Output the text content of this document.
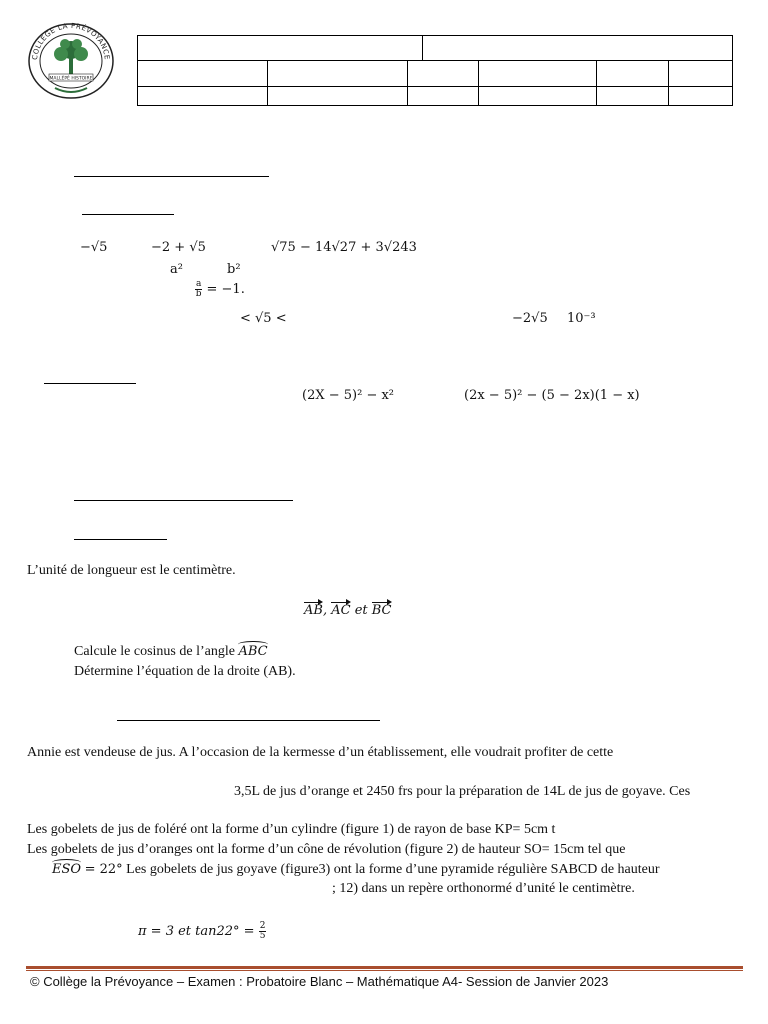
COLLÈGE LA PRÉVOYANCE
MALLÉPÉ HISTOIRE
−√5	−2 + √5	√75 − 14√27 + 3√243
a²	b²
$\frac{a}{b} = -1$.
< √5 <	−2√5 10⁻³
(2X − 5)² − x²	(2x − 5)² − (5 − 2x)(1 − x)
L’unité de longueur est le centimètre.
AB, AC et BC
Calcule le cosinus de l’angle ABC
Détermine l’équation de la droite (AB).
Annie est vendeuse de jus. A l’occasion de la kermesse d’un établissement, elle voudrait profiter de cette
3,5L de jus d’orange et 2450 frs pour la préparation de 14L de jus de goyave. Ces
Les gobelets de jus de foléré ont la forme d’un cylindre (figure 1) de rayon de base KP= 5cm t
Les gobelets de jus d’oranges ont la forme d’un cône de révolution (figure 2) de hauteur SO= 15cm tel que
ESO = 22° Les gobelets de jus goyave (figure3) ont la forme d’une pyramide régulière SABCD de hauteur
; 12) dans un repère orthonormé d’unité le centimètre.
π = 3 et $\tan 22^\circ = \frac{2}{5}$
© Collège la Prévoyance – Examen : Probatoire Blanc – Mathématique A4- Session de Janvier 2023
